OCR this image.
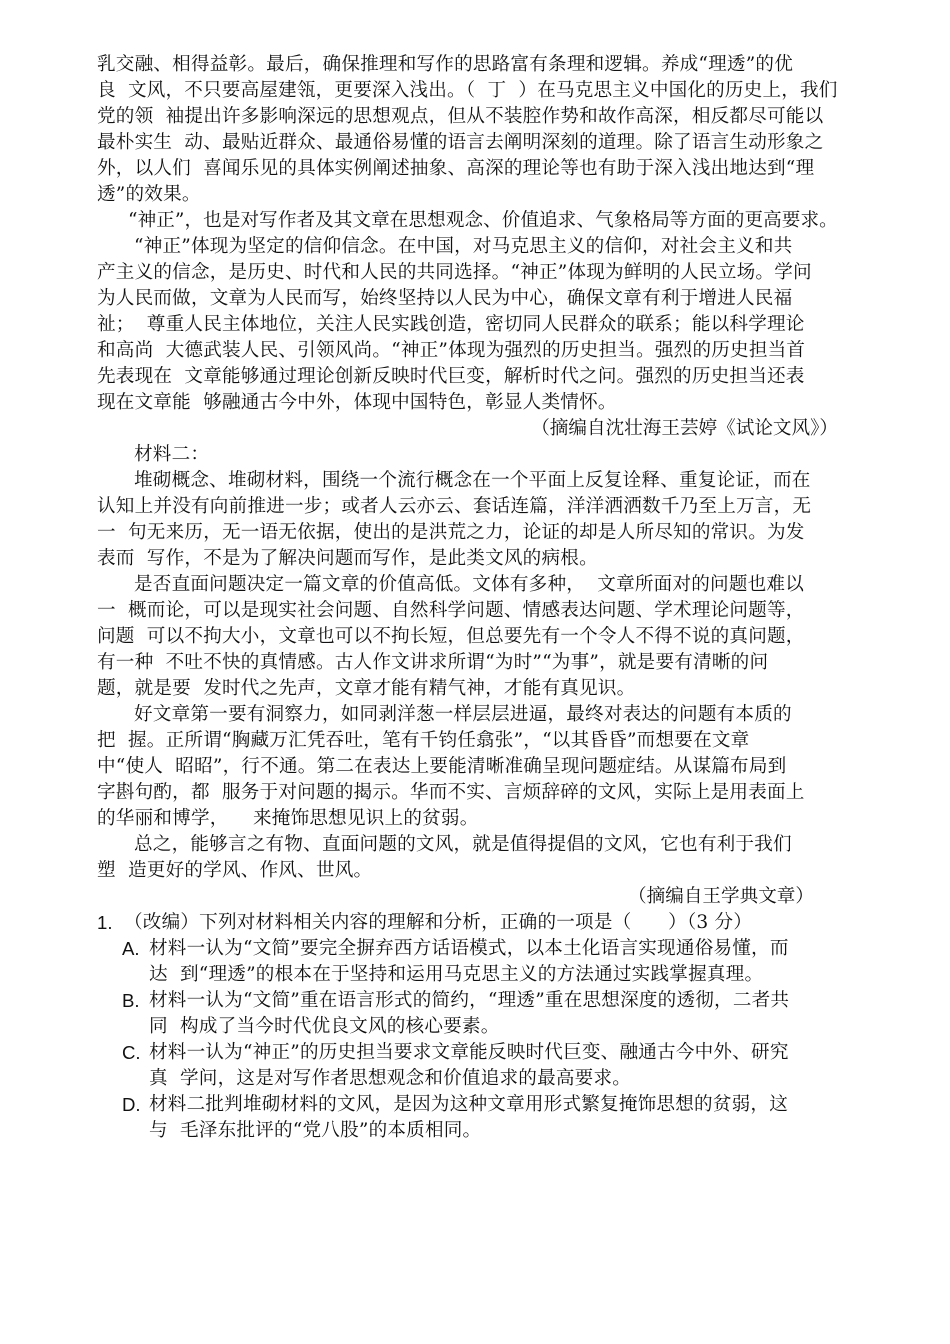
乳交融、相得益彰。最后，确保推理和写作的思路富有条理和逻辑。养成“理透”的优
良  文风，不只要高屋建瓴，更要深入浅出。（  丁  ）在马克思主义中国化的历史上，我们
党的领  袖提出许多影响深远的思想观点，但从不装腔作势和故作高深，相反都尽可能以
最朴实生  动、最贴近群众、最通俗易懂的语言去阐明深刻的道理。除了语言生动形象之
外，以人们  喜闻乐见的具体实例阐述抽象、高深的理论等也有助于深入浅出地达到“理
透”的效果。
“神正”，也是对写作者及其文章在思想观念、价值追求、气象格局等方面的更高要求。
“神正”体现为坚定的信仰信念。在中国，对马克思主义的信仰，对社会主义和共
产主义的信念，是历史、时代和人民的共同选择。“神正”体现为鲜明的人民立场。学问
为人民而做，文章为人民而写，始终坚持以人民为中心，确保文章有利于增进人民福
祉；  尊重人民主体地位，关注人民实践创造，密切同人民群众的联系；能以科学理论
和高尚  大德武装人民、引领风尚。“神正”体现为强烈的历史担当。强烈的历史担当首
先表现在  文章能够通过理论创新反映时代巨变，解析时代之问。强烈的历史担当还表
现在文章能  够融通古今中外，体现中国特色，彰显人类情怀。
（摘编自沈壮海王芸婷《试论文风》）
材料二：
堆砌概念、堆砌材料，围绕一个流行概念在一个平面上反复诠释、重复论证，而在
认知上并没有向前推进一步；或者人云亦云、套话连篇，洋洋洒洒数千乃至上万言，无
一  句无来历，无一语无依据，使出的是洪荒之力，论证的却是人所尽知的常识。为发
表而  写作，不是为了解决问题而写作，是此类文风的病根。
是否直面问题决定一篇文章的价值高低。文体有多种，  文章所面对的问题也难以
一  概而论，可以是现实社会问题、自然科学问题、情感表达问题、学术理论问题等，
问题  可以不拘大小，文章也可以不拘长短，但总要先有一个令人不得不说的真问题，
有一种  不吐不快的真情感。古人作文讲求所谓“为时”“为事”，就是要有清晰的问
题，就是要  发时代之先声，文章才能有精气神，才能有真见识。
好文章第一要有洞察力，如同剥洋葱一样层层进逼，最终对表达的问题有本质的
把  握。正所谓“胸藏万汇凭吞吐，笔有千钧任翕张”，“以其昏昏”而想要在文章
中“使人  昭昭”，行不通。第二在表达上要能清晰准确呈现问题症结。从谋篇布局到
字斟句酌，都  服务于对问题的揭示。华而不实、言烦辞碎的文风，实际上是用表面上
的华丽和博学，    来掩饰思想见识上的贫弱。
总之，能够言之有物、直面问题的文风，就是值得提倡的文风，它也有利于我们
塑  造更好的学风、作风、世风。
（摘编自王学典文章）
1. （改编）下列对材料相关内容的理解和分析，正确的一项是（      ）（3 分）
A. 材料一认为“文简”要完全摒弃西方话语模式，以本土化语言实现通俗易懂，而
达  到“理透”的根本在于坚持和运用马克思主义的方法通过实践掌握真理。
B. 材料一认为“文简”重在语言形式的简约，“理透”重在思想深度的透彻，二者共
同  构成了当今时代优良文风的核心要素。
C. 材料一认为“神正”的历史担当要求文章能反映时代巨变、融通古今中外、研究
真  学问，这是对写作者思想观念和价值追求的最高要求。
D. 材料二批判堆砌材料的文风，是因为这种文章用形式繁复掩饰思想的贫弱，这
与  毛泽东批评的“党八股”的本质相同。
